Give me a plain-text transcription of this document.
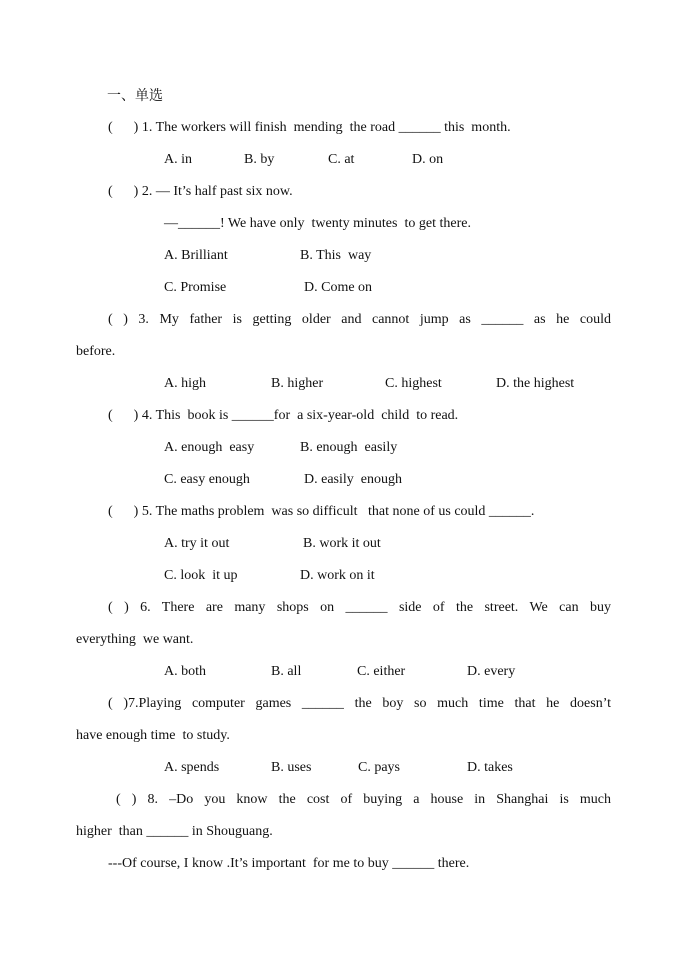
一、单选
(      ) 1. The workers will finish  mending  the road ______ this  month.
A. in	B. by	C. at	D. on
(      ) 2. — It’s half past six now.
—______! We have only  twenty minutes  to get there.
A. Brilliant	B. This  way
C. Promise	D. Come on
( ) 3. My father is getting older and cannot jump as ______ as he could
before.
A. high	B. higher	C. highest	D. the highest
(      ) 4. This  book is ______for  a six-year-old  child  to read.
A. enough  easy	B. enough  easily
C. easy enough	D. easily  enough
(      ) 5. The maths problem  was so difficult   that none of us could ______.
A. try it out	B. work it out
C. look  it up	D. work on it
( ) 6. There are many shops on ______ side of the street. We can buy
everything  we want.
A. both	B. all	C. either	D. every
( )7.Playing computer games ______ the boy so much time that he doesn’t
have enough time  to study.
A. spends	B. uses	C. pays	D. takes
( ) 8. –Do you know the cost of buying a house in Shanghai is much
higher  than ______ in Shouguang.
---Of course, I know .It’s important  for me to buy ______ there.
